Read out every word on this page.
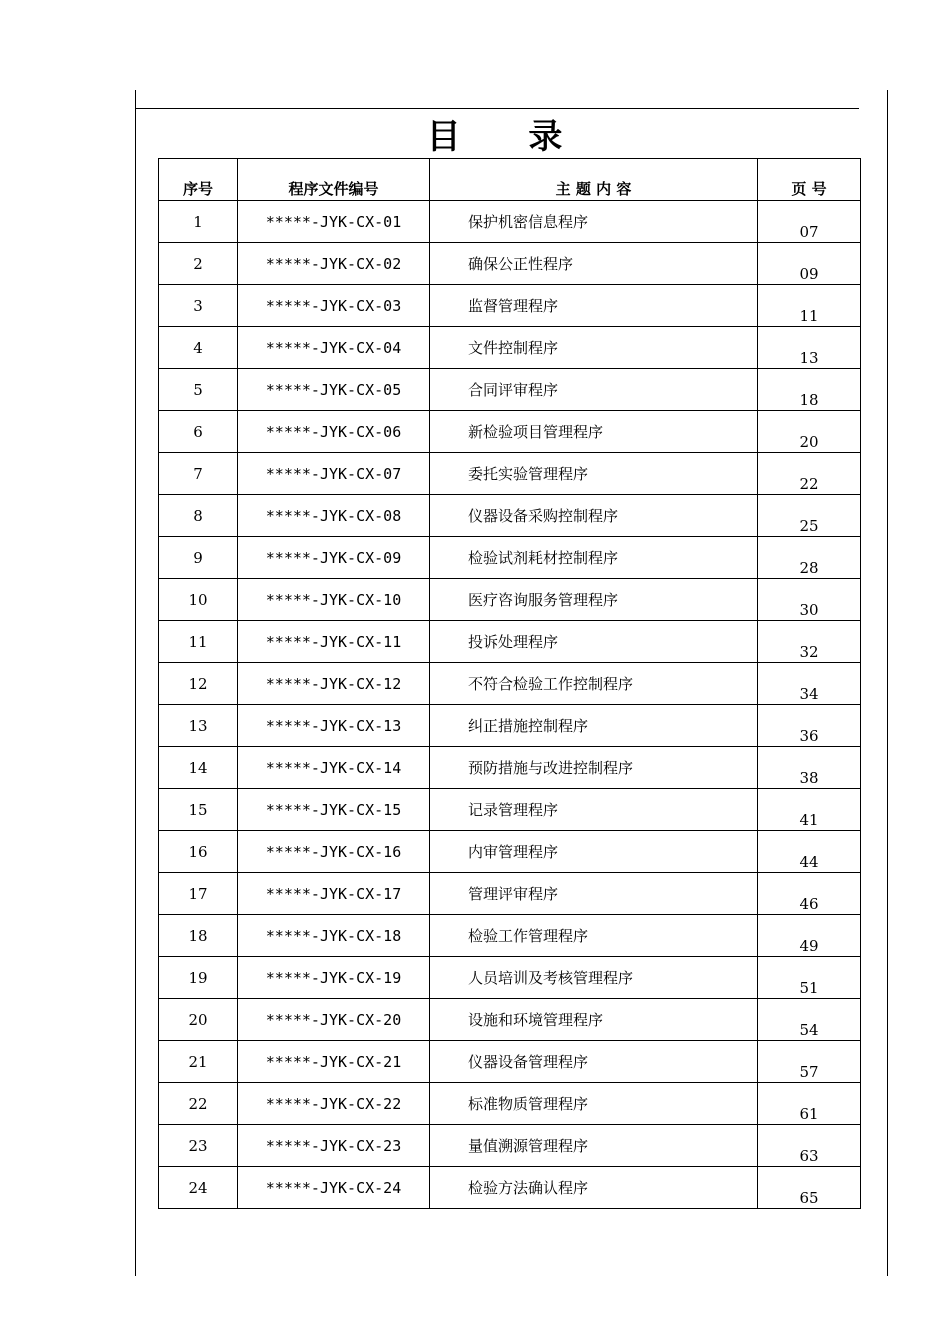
目 录
序号	程序文件编号	主 题 内 容	页 号
1	*****-JYK-CX-01	保护机密信息程序	07
2	*****-JYK-CX-02	确保公正性程序	09
3	*****-JYK-CX-03	监督管理程序	11
4	*****-JYK-CX-04	文件控制程序	13
5	*****-JYK-CX-05	合同评审程序	18
6	*****-JYK-CX-06	新检验项目管理程序	20
7	*****-JYK-CX-07	委托实验管理程序	22
8	*****-JYK-CX-08	仪器设备采购控制程序	25
9	*****-JYK-CX-09	检验试剂耗材控制程序	28
10	*****-JYK-CX-10	医疗咨询服务管理程序	30
11	*****-JYK-CX-11	投诉处理程序	32
12	*****-JYK-CX-12	不符合检验工作控制程序	34
13	*****-JYK-CX-13	纠正措施控制程序	36
14	*****-JYK-CX-14	预防措施与改进控制程序	38
15	*****-JYK-CX-15	记录管理程序	41
16	*****-JYK-CX-16	内审管理程序	44
17	*****-JYK-CX-17	管理评审程序	46
18	*****-JYK-CX-18	检验工作管理程序	49
19	*****-JYK-CX-19	人员培训及考核管理程序	51
20	*****-JYK-CX-20	设施和环境管理程序	54
21	*****-JYK-CX-21	仪器设备管理程序	57
22	*****-JYK-CX-22	标准物质管理程序	61
23	*****-JYK-CX-23	量值溯源管理程序	63
24	*****-JYK-CX-24	检验方法确认程序	65
